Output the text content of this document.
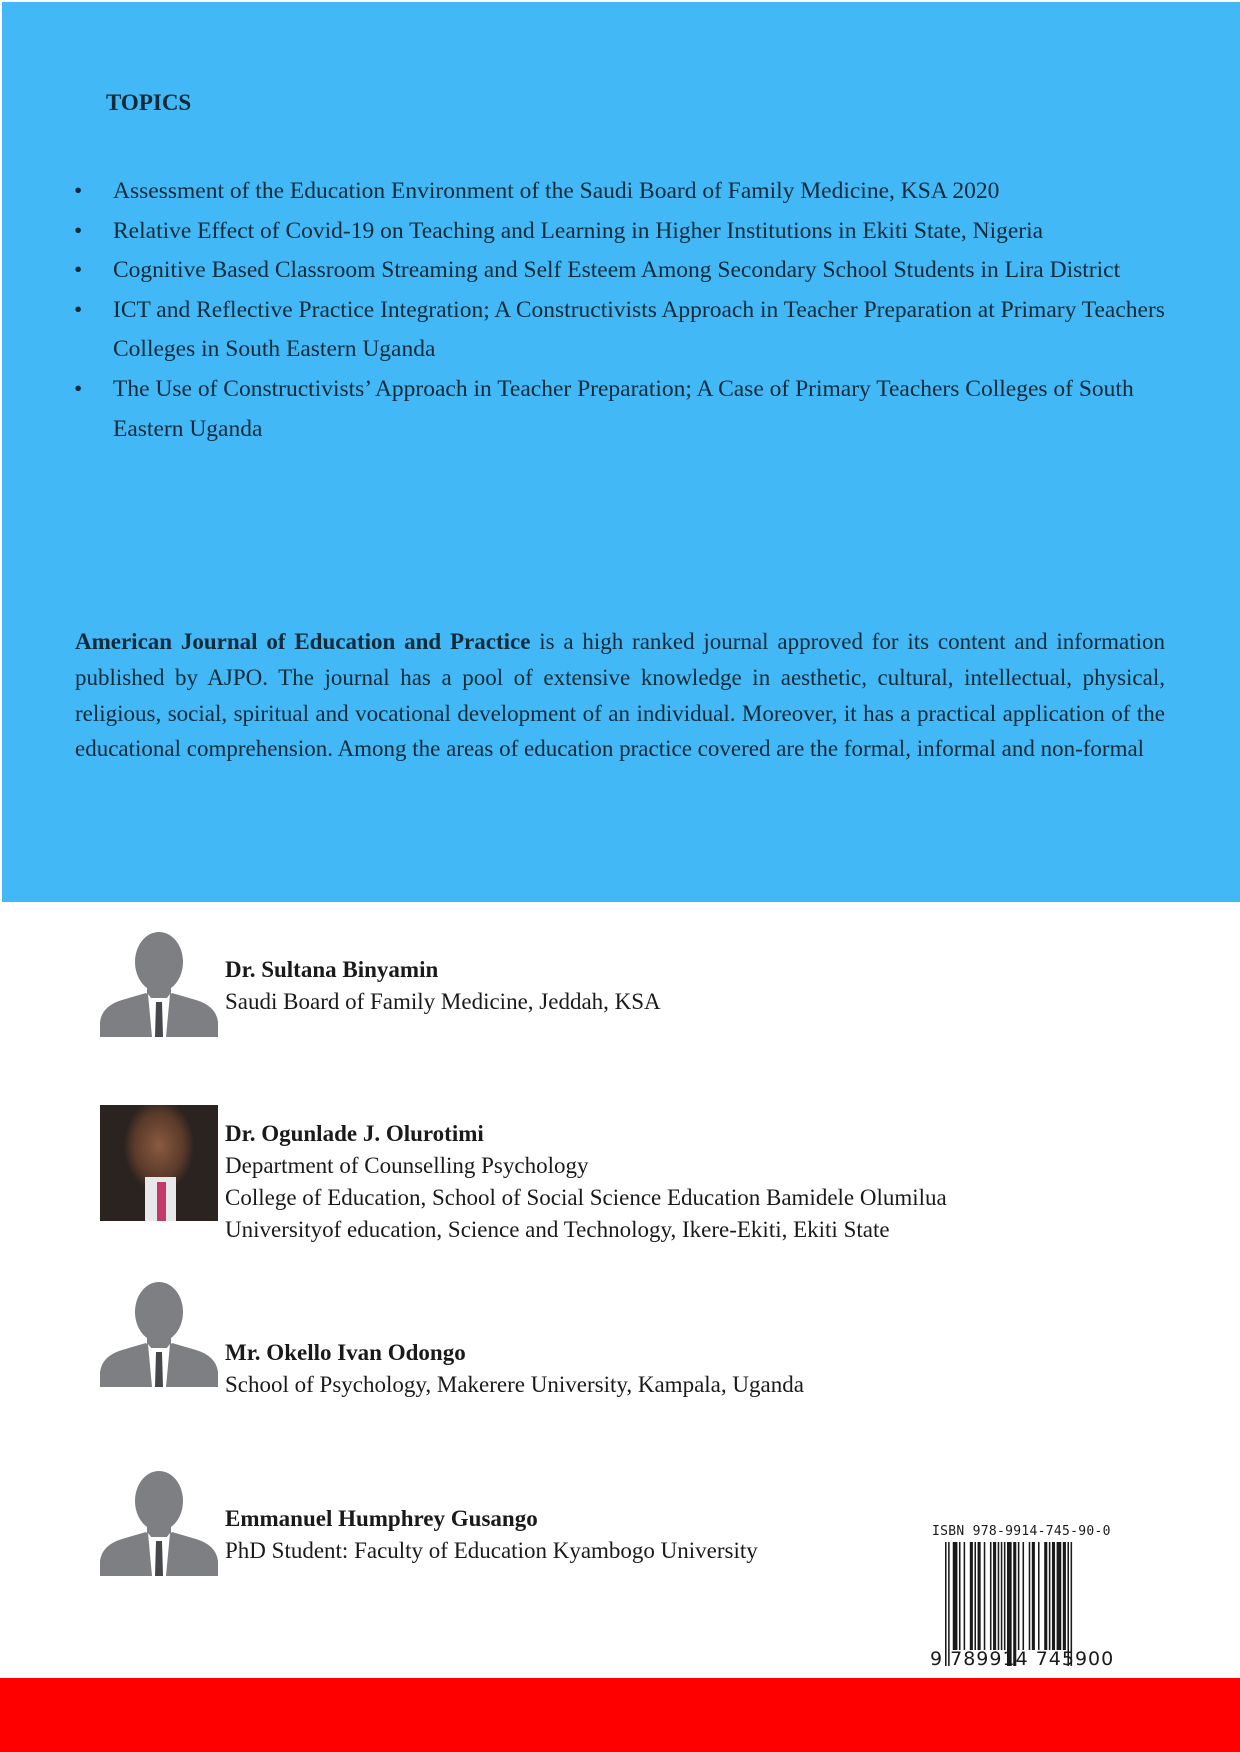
TOPICS
• Assessment of the Education Environment of the Saudi Board of Family Medicine, KSA 2020
• Relative Effect of Covid-19 on Teaching and Learning in Higher Institutions in Ekiti State, Nigeria
• Cognitive Based Classroom Streaming and Self Esteem Among Secondary School Students in Lira District
• ICT and Reflective Practice Integration; A Constructivists Approach in Teacher Preparation at Primary Teachers Colleges in South Eastern Uganda
• The Use of Constructivists’ Approach in Teacher Preparation; A Case of Primary Teachers Colleges of South Eastern Uganda

American Journal of Education and Practice is a high ranked journal approved for its content and information published by AJPO. The journal has a pool of extensive knowledge in aesthetic, cultural, intellectual, physical, religious, social, spiritual and vocational development of an individual. Moreover, it has a practical application of the educational comprehension. Among the areas of education practice covered are the formal, informal and non-formal

Dr. Sultana Binyamin
Saudi Board of Family Medicine, Jeddah, KSA
Dr. Ogunlade J. Olurotimi
Department of Counselling Psychology
College of Education, School of Social Science Education Bamidele Olumilua
Universityof education, Science and Technology, Ikere-Ekiti, Ekiti State
Mr. Okello Ivan Odongo
School of Psychology, Makerere University, Kampala, Uganda
Emmanuel Humphrey Gusango
PhD Student: Faculty of Education Kyambogo University
ISBN 978-9914-745-90-0
9 789914 745900
